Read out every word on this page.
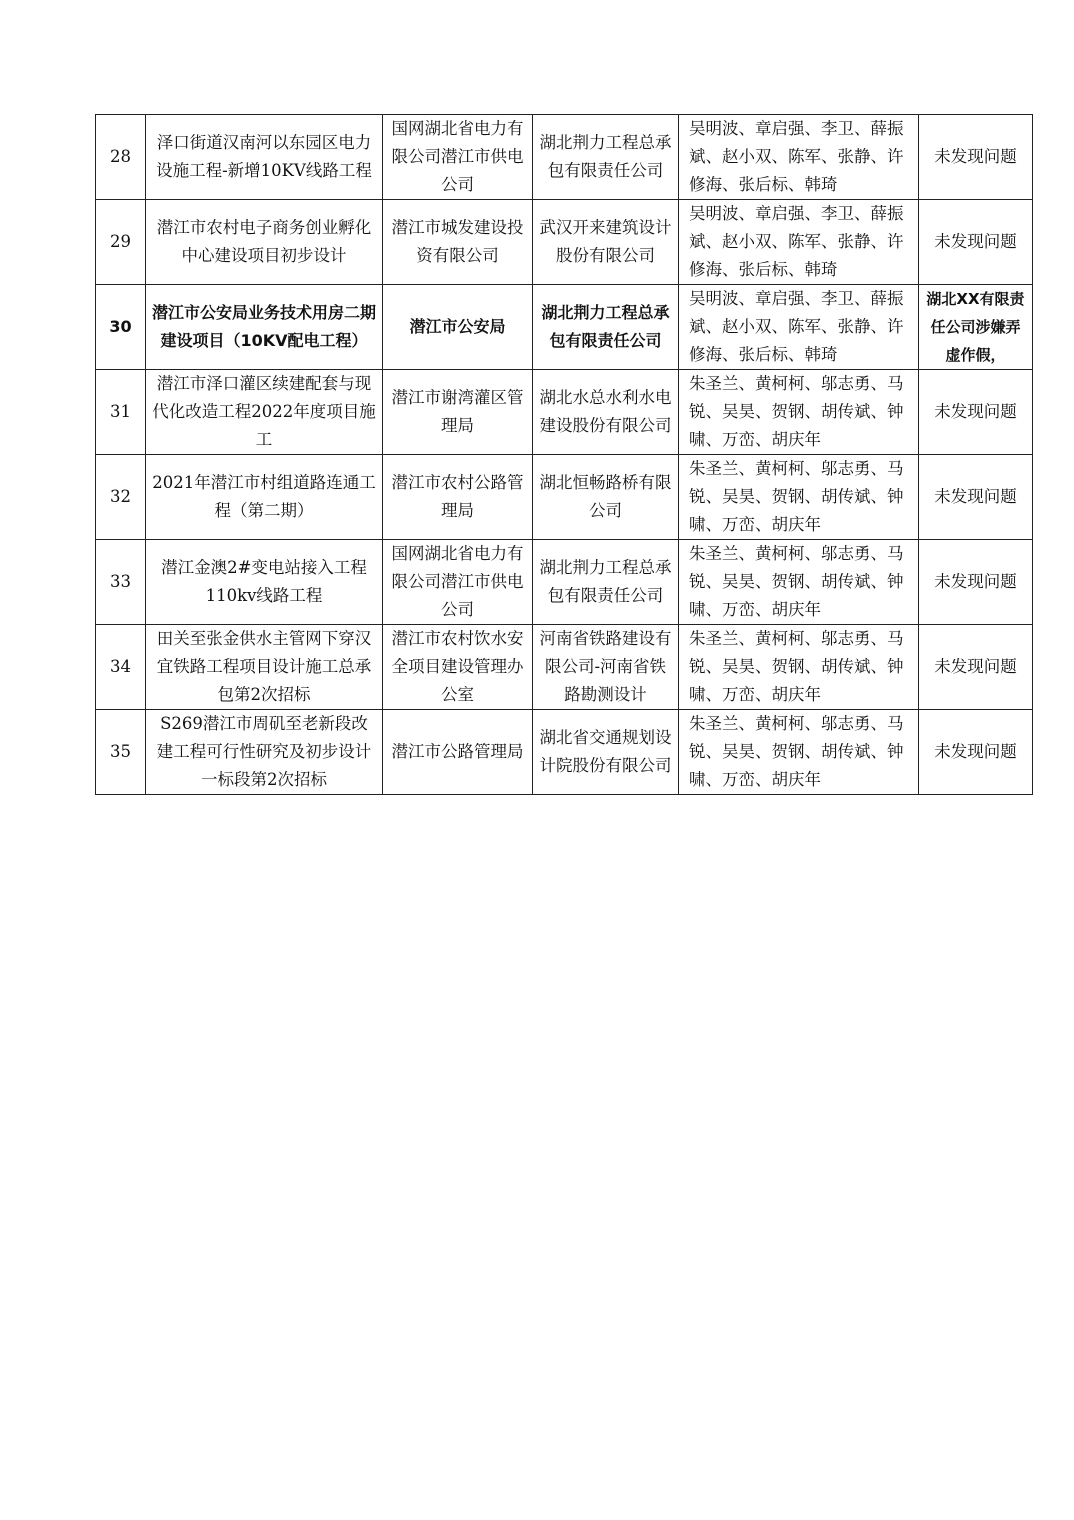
28	泽口街道汉南河以东园区电力设施工程-新增10KV线路工程	国网湖北省电力有限公司潜江市供电公司	湖北荆力工程总承包有限责任公司	吴明波、章启强、李卫、薛振斌、赵小双、陈军、张静、许修海、张后标、韩琦	未发现问题
29	潜江市农村电子商务创业孵化中心建设项目初步设计	潜江市城发建设投资有限公司	武汉开来建筑设计股份有限公司	吴明波、章启强、李卫、薛振斌、赵小双、陈军、张静、许修海、张后标、韩琦	未发现问题
30	潜江市公安局业务技术用房二期建设项目（10KV配电工程）	潜江市公安局	湖北荆力工程总承包有限责任公司	吴明波、章启强、李卫、薛振斌、赵小双、陈军、张静、许修海、张后标、韩琦	湖北XX有限责任公司涉嫌弄虚作假，
31	潜江市泽口灌区续建配套与现代化改造工程2022年度项目施工	潜江市谢湾灌区管理局	湖北水总水利水电建设股份有限公司	朱圣兰、黄柯柯、邬志勇、马锐、吴昊、贺钢、胡传斌、钟啸、万峦、胡庆年	未发现问题
32	2021年潜江市村组道路连通工程（第二期）	潜江市农村公路管理局	湖北恒畅路桥有限公司	朱圣兰、黄柯柯、邬志勇、马锐、吴昊、贺钢、胡传斌、钟啸、万峦、胡庆年	未发现问题
33	潜江金澳2#变电站接入工程110kv线路工程	国网湖北省电力有限公司潜江市供电公司	湖北荆力工程总承包有限责任公司	朱圣兰、黄柯柯、邬志勇、马锐、吴昊、贺钢、胡传斌、钟啸、万峦、胡庆年	未发现问题
34	田关至张金供水主管网下穿汉宜铁路工程项目设计施工总承包第2次招标	潜江市农村饮水安全项目建设管理办公室	河南省铁路建设有限公司-河南省铁路勘测设计	朱圣兰、黄柯柯、邬志勇、马锐、吴昊、贺钢、胡传斌、钟啸、万峦、胡庆年	未发现问题
35	S269潜江市周矶至老新段改建工程可行性研究及初步设计一标段第2次招标	潜江市公路管理局	湖北省交通规划设计院股份有限公司	朱圣兰、黄柯柯、邬志勇、马锐、吴昊、贺钢、胡传斌、钟啸、万峦、胡庆年	未发现问题
